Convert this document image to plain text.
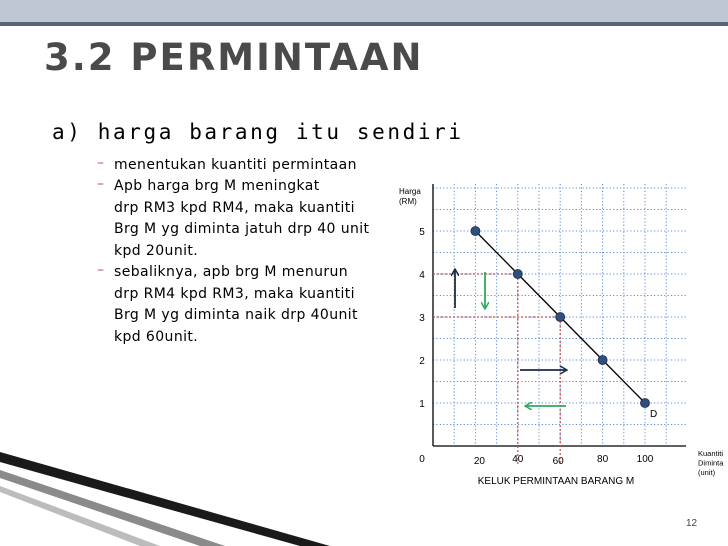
3.2 PERMINTAAN
a) harga barang itu sendiri
– menentukan kuantiti permintaan
– Apb harga brg M meningkat
drp RM3 kpd RM4, maka kuantiti
Brg M yg diminta jatuh drp 40 unit
kpd 20unit.
– sebaliknya, apb brg M menurun
drp RM4 kpd RM3, maka kuantiti
Brg M yg diminta naik drp 40unit
kpd 60unit.
Harga
(RM)
Kuantiti
Diminta
(unit)
1
2
3
4
5
0	20	40	60	80	100
D
KELUK PERMINTAAN BARANG M
12
